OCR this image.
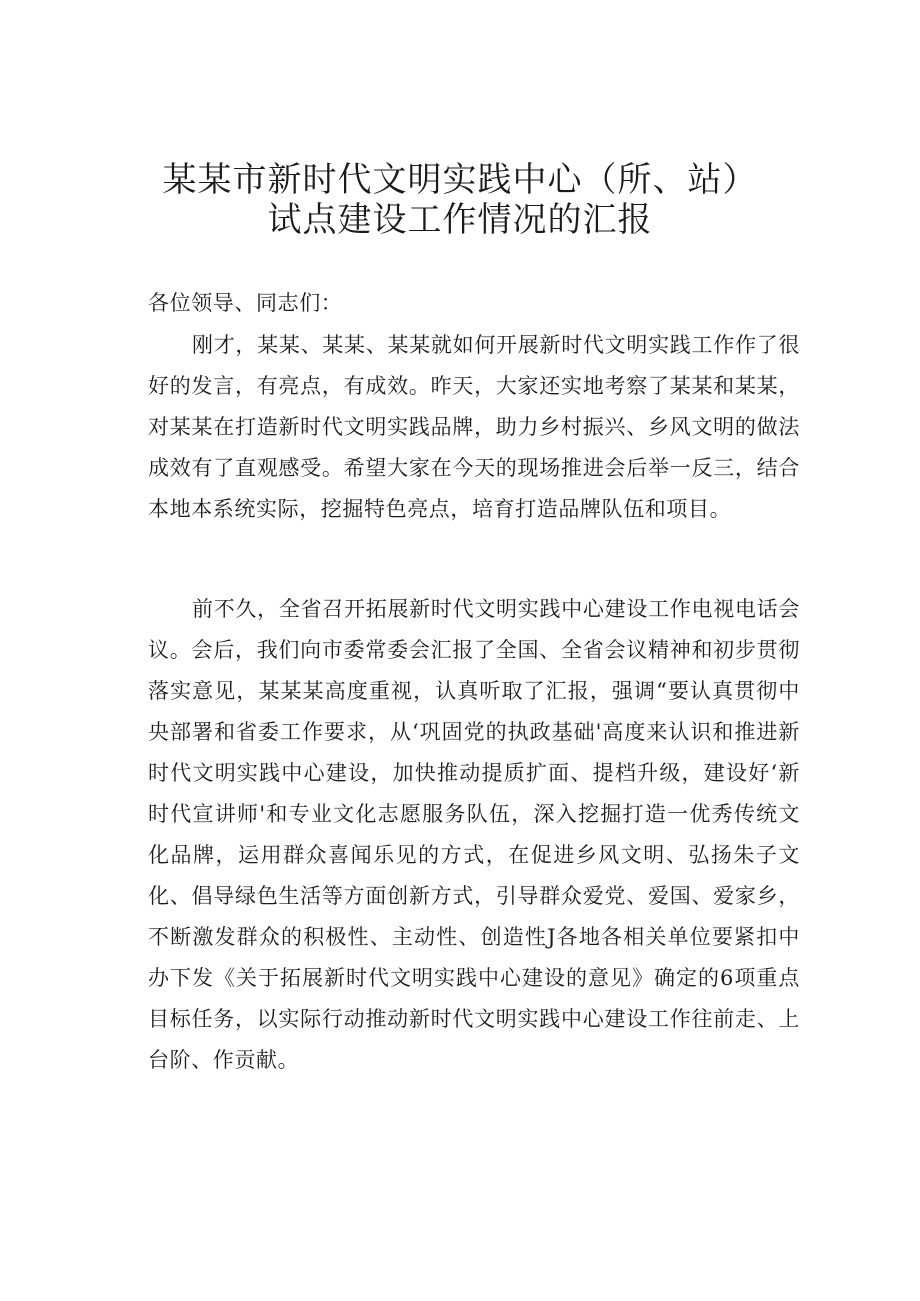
某某市新时代文明实践中心（所、站）
试点建设工作情况的汇报

各位领导、同志们：

刚才，某某、某某、某某就如何开展新时代文明实践工作作了很好的发言，有亮点，有成效。昨天，大家还实地考察了某某和某某，对某某在打造新时代文明实践品牌，助力乡村振兴、乡风文明的做法成效有了直观感受。希望大家在今天的现场推进会后举一反三，结合本地本系统实际，挖掘特色亮点，培育打造品牌队伍和项目。

前不久，全省召开拓展新时代文明实践中心建设工作电视电话会议。会后，我们向市委常委会汇报了全国、全省会议精神和初步贯彻落实意见，某某某高度重视，认真听取了汇报，强调“要认真贯彻中央部署和省委工作要求，从‘巩固党的执政基础'高度来认识和推进新时代文明实践中心建设，加快推动提质扩面、提档升级，建设好‘新时代宣讲师'和专业文化志愿服务队伍，深入挖掘打造一优秀传统文化品牌，运用群众喜闻乐见的方式，在促进乡风文明、弘扬朱子文化、倡导绿色生活等方面创新方式，引导群众爱党、爱国、爱家乡，不断激发群众的积极性、主动性、创造性J各地各相关单位要紧扣中办下发《关于拓展新时代文明实践中心建设的意见》确定的6项重点目标任务，以实际行动推动新时代文明实践中心建设工作往前走、上台阶、作贡献。
